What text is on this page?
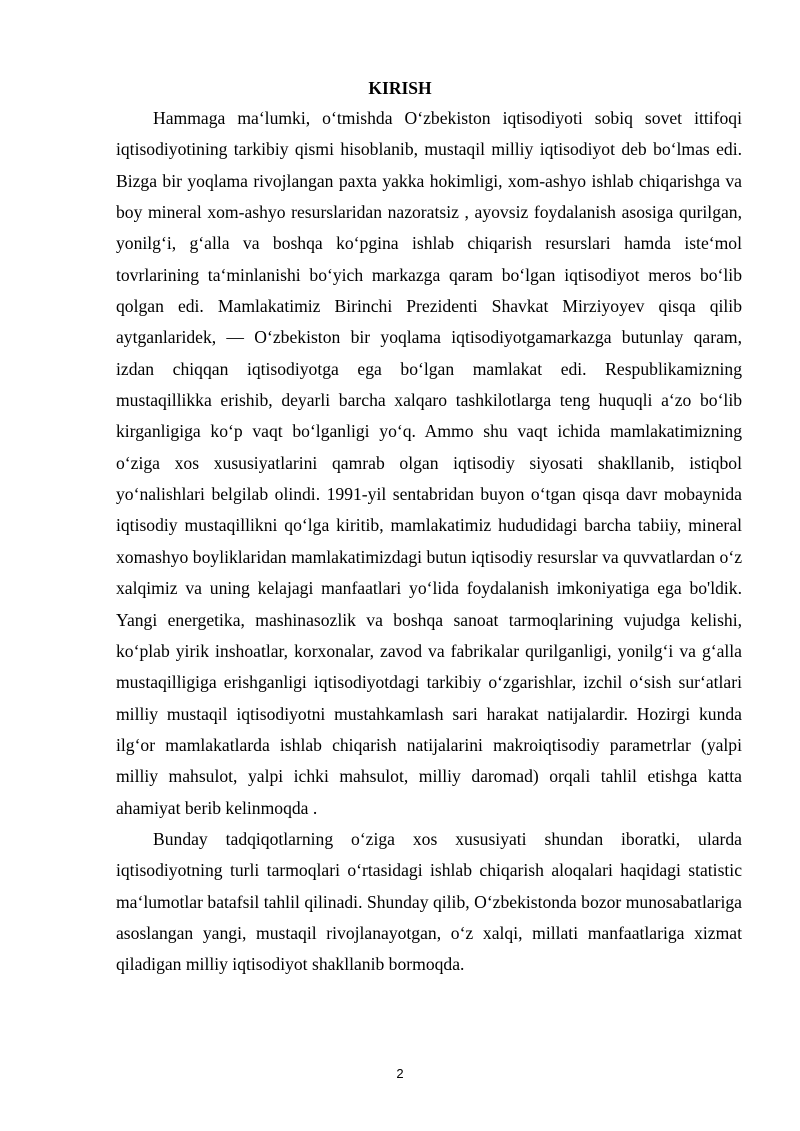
KIRISH

Hammaga ma‘lumki, o‘tmishda O‘zbekiston iqtisodiyoti sobiq sovet ittifoqi iqtisodiyotining tarkibiy qismi hisoblanib, mustaqil milliy iqtisodiyot deb bo‘lmas edi. Bizga bir yoqlama rivojlangan paxta yakka hokimligi, xom-ashyo ishlab chiqarishga va boy mineral xom-ashyo resurslaridan nazoratsiz , ayovsiz foydalanish asosiga qurilgan, yonilg‘i, g‘alla va boshqa ko‘pgina ishlab chiqarish resurslari hamda iste‘mol tovrlarining ta‘minlanishi bo‘yich markazga qaram bo‘lgan iqtisodiyot meros bo‘lib qolgan edi. Mamlakatimiz Birinchi Prezidenti Shavkat Mirziyoyev qisqa qilib aytganlaridek, — O‘zbekiston bir yoqlama iqtisodiyotgamarkazga butunlay qaram, izdan chiqqan iqtisodiyotga ega bo‘lgan mamlakat edi. Respublikamizning mustaqillikka erishib, deyarli barcha xalqaro tashkilotlarga teng huquqli a‘zo bo‘lib kirganligiga ko‘p vaqt bo‘lganligi yo‘q. Ammo shu vaqt ichida mamlakatimizning o‘ziga xos xususiyatlarini qamrab olgan iqtisodiy siyosati shakllanib, istiqbol yo‘nalishlari belgilab olindi. 1991-yil sentabridan buyon o‘tgan qisqa davr mobaynida iqtisodiy mustaqillikni qo‘lga kiritib, mamlakatimiz hududidagi barcha tabiiy, mineral xomashyo boyliklaridan mamlakatimizdagi butun iqtisodiy resurslar va quvvatlardan o‘z xalqimiz va uning kelajagi manfaatlari yo‘lida foydalanish imkoniyatiga ega bo'ldik. Yangi energetika, mashinasozlik va boshqa sanoat tarmoqlarining vujudga kelishi, ko‘plab yirik inshoatlar, korxonalar, zavod va fabrikalar qurilganligi, yonilg‘i va g‘alla mustaqilligiga erishganligi iqtisodiyotdagi tarkibiy o‘zgarishlar, izchil o‘sish sur‘atlari milliy mustaqil iqtisodiyotni mustahkamlash sari harakat natijalardir. Hozirgi kunda ilg‘or mamlakatlarda ishlab chiqarish natijalarini makroiqtisodiy parametrlar (yalpi milliy mahsulot, yalpi ichki mahsulot, milliy daromad) orqali tahlil etishga katta ahamiyat berib kelinmoqda .

Bunday tadqiqotlarning o‘ziga xos xususiyati shundan iboratki, ularda iqtisodiyotning turli tarmoqlari o‘rtasidagi ishlab chiqarish aloqalari haqidagi statistic ma‘lumotlar batafsil tahlil qilinadi. Shunday qilib, O‘zbekistonda bozor munosabatlariga asoslangan yangi, mustaqil rivojlanayotgan, o‘z xalqi, millati manfaatlariga xizmat qiladigan milliy iqtisodiyot shakllanib bormoqda.

2
